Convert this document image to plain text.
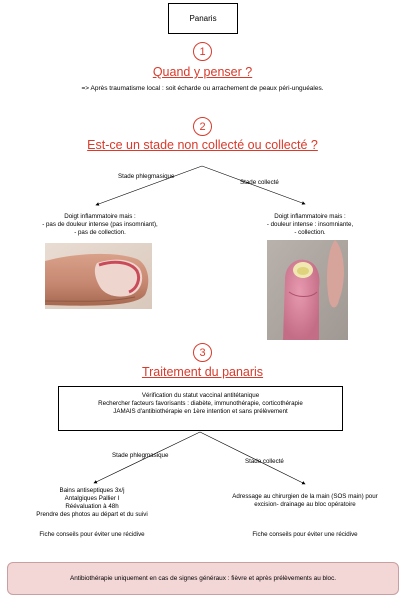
Panaris
1
Quand y penser ?
=> Après traumatisme local : soit écharde ou arrachement de peaux péri-unguéales.
2
Est-ce un stade non collecté ou collecté ?
Stade phlegmasique
Stade collecté
Doigt inflammatoire mais :
- pas de douleur intense (pas insomniant),
- pas de collection.
Doigt inflammatoire mais :
- douleur intense : insomniante,
- collection.
3
Traitement du panaris
Vérification du statut vaccinal antitétanique
Rechercher facteurs favorisants : diabète, immunothérapie, corticothérapie
JAMAIS d'antibiothérapie en 1ère intention et sans prélèvement
Stade phlegmasique
Stade collecté
Bains antiseptiques 3x/j
Antalgiques Pallier I
Réévaluation à 48h
Prendre des photos au départ et du suivi
Adressage au chirurgien de la main (SOS main) pour
excision- drainage au bloc opératoire
Fiche conseils pour éviter une récidive	Fiche conseils pour éviter une récidive
Antibiothérapie uniquement en cas de signes généraux : fièvre et après prélèvements au bloc.
